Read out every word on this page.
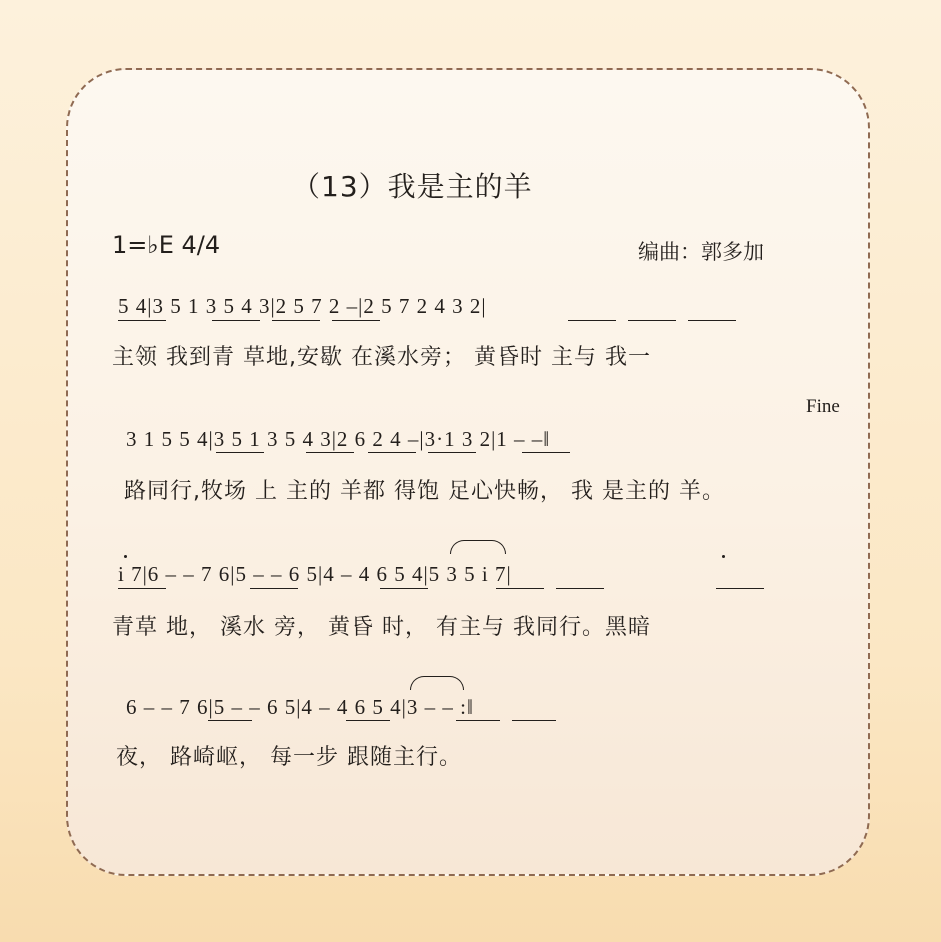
（13）我是主的羊
1=♭E 4/4	编曲：郭多加
Fine
5 4|3 5 1 3 5 4 3|2 5 7 2 –|2 5 7 2 4 3 2|
主领 我到青 草地,安歇 在溪水旁； 黄昏时 主与 我一
3 1 5 5 4|3 5 1 3 5 4 3|2 6 2 4 –|3·1 3 2|1 – –‖
路同行,牧场 上 主的 羊都 得饱 足心快畅， 我 是主的 羊。
i 7|6 – – 7 6|5 – – 6 5|4 – 4 6 5 4|5 3 5 i 7|
青草 地， 溪水 旁， 黄昏 时， 有主与 我同行。黑暗
6 – – 7 6|5 – – 6 5|4 – 4 6 5 4|3 – – :‖
夜， 路崎岖， 每一步 跟随主行。
